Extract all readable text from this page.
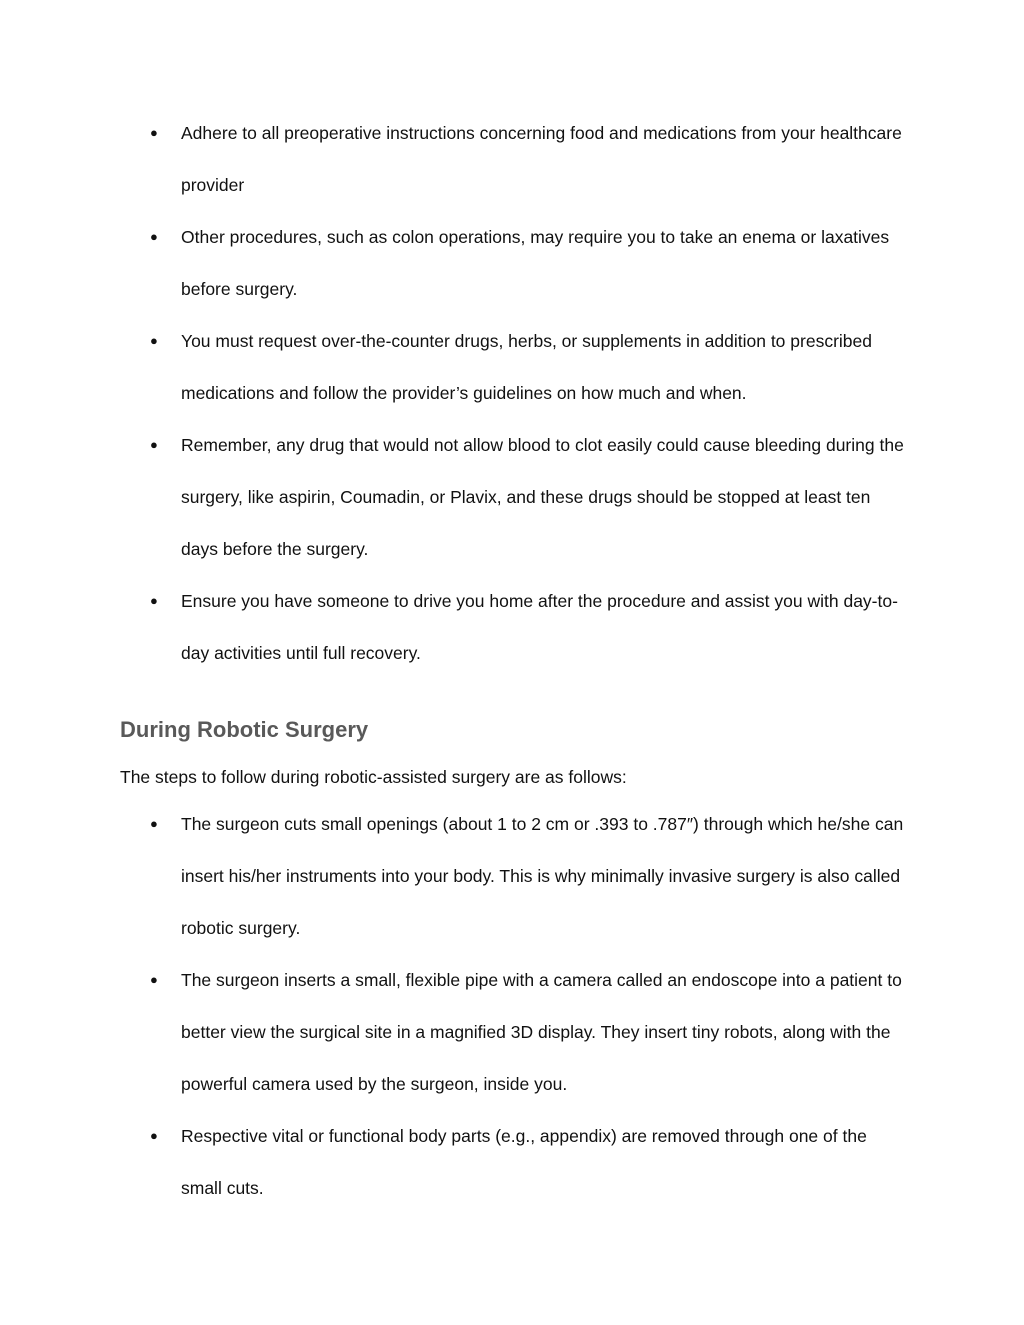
● Adhere to all preoperative instructions concerning food and medications from your healthcare provider
● Other procedures, such as colon operations, may require you to take an enema or laxatives before surgery.
● You must request over-the-counter drugs, herbs, or supplements in addition to prescribed medications and follow the provider’s guidelines on how much and when.
● Remember, any drug that would not allow blood to clot easily could cause bleeding during the surgery, like aspirin, Coumadin, or Plavix, and these drugs should be stopped at least ten days before the surgery.
● Ensure you have someone to drive you home after the procedure and assist you with day-to-day activities until full recovery.
During Robotic Surgery

The steps to follow during robotic-assisted surgery are as follows:

● The surgeon cuts small openings (about 1 to 2 cm or .393 to .787″) through which he/she can insert his/her instruments into your body. This is why minimally invasive surgery is also called robotic surgery.
● The surgeon inserts a small, flexible pipe with a camera called an endoscope into a patient to better view the surgical site in a magnified 3D display. They insert tiny robots, along with the powerful camera used by the surgeon, inside you.
● Respective vital or functional body parts (e.g., appendix) are removed through one of the small cuts.
